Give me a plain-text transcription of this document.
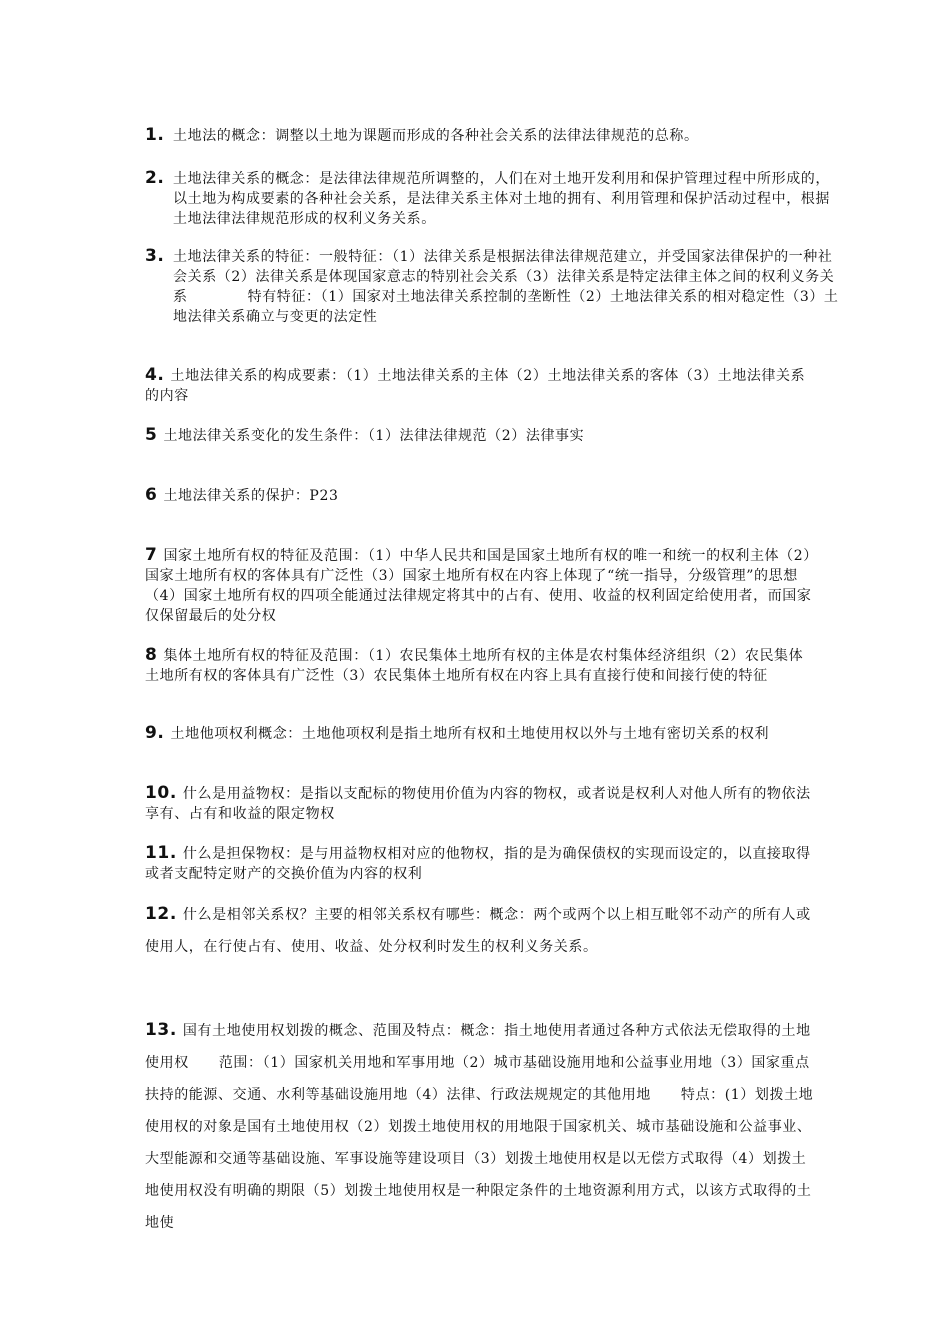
1. 土地法的概念：调整以土地为课题而形成的各种社会关系的法律法律规范的总称。
2. 土地法律关系的概念：是法律法律规范所调整的，人们在对土地开发利用和保护管理过程中所形成的，以土地为构成要素的各种社会关系，是法律关系主体对土地的拥有、利用管理和保护活动过程中，根据土地法律法律规范形成的权利义务关系。
3. 土地法律关系的特征：一般特征：（1）法律关系是根据法律法律规范建立，并受国家法律保护的一种社会关系（2）法律关系是体现国家意志的特别社会关系（3）法律关系是特定法律主体之间的权利义务关系	特有特征：（1）国家对土地法律关系控制的垄断性（2）土地法律关系的相对稳定性（3）土地法律关系确立与变更的法定性
4. 土地法律关系的构成要素：（1）土地法律关系的主体（2）土地法律关系的客体（3）土地法律关系的内容
5 土地法律关系变化的发生条件：（1）法律法律规范（2）法律事实
6 土地法律关系的保护：P23
7 国家土地所有权的特征及范围：（1）中华人民共和国是国家土地所有权的唯一和统一的权利主体（2）国家土地所有权的客体具有广泛性（3）国家土地所有权在内容上体现了“统一指导，分级管理”的思想（4）国家土地所有权的四项全能通过法律规定将其中的占有、使用、收益的权利固定给使用者，而国家仅保留最后的处分权
8 集体土地所有权的特征及范围：（1）农民集体土地所有权的主体是农村集体经济组织（2）农民集体土地所有权的客体具有广泛性（3）农民集体土地所有权在内容上具有直接行使和间接行使的特征
9. 土地他项权利概念：土地他项权利是指土地所有权和土地使用权以外与土地有密切关系的权利
10. 什么是用益物权：是指以支配标的物使用价值为内容的物权，或者说是权利人对他人所有的物依法享有、占有和收益的限定物权
11. 什么是担保物权：是与用益物权相对应的他物权，指的是为确保债权的实现而设定的，以直接取得或者支配特定财产的交换价值为内容的权利
12. 什么是相邻关系权？主要的相邻关系权有哪些：概念：两个或两个以上相互毗邻不动产的所有人或使用人，在行使占有、使用、收益、处分权利时发生的权利义务关系。
13. 国有土地使用权划拨的概念、范围及特点：概念：指土地使用者通过各种方式依法无偿取得的土地使用权 范围：（1）国家机关用地和军事用地（2）城市基础设施用地和公益事业用地（3）国家重点扶持的能源、交通、水利等基础设施用地（4）法律、行政法规规定的其他用地 特点：(1）划拨土地使用权的对象是国有土地使用权（2）划拨土地使用权的用地限于国家机关、城市基础设施和公益事业、大型能源和交通等基础设施、军事设施等建设项目（3）划拨土地使用权是以无偿方式取得（4）划拨土地使用权没有明确的期限（5）划拨土地使用权是一种限定条件的土地资源利用方式，以该方式取得的土地使
